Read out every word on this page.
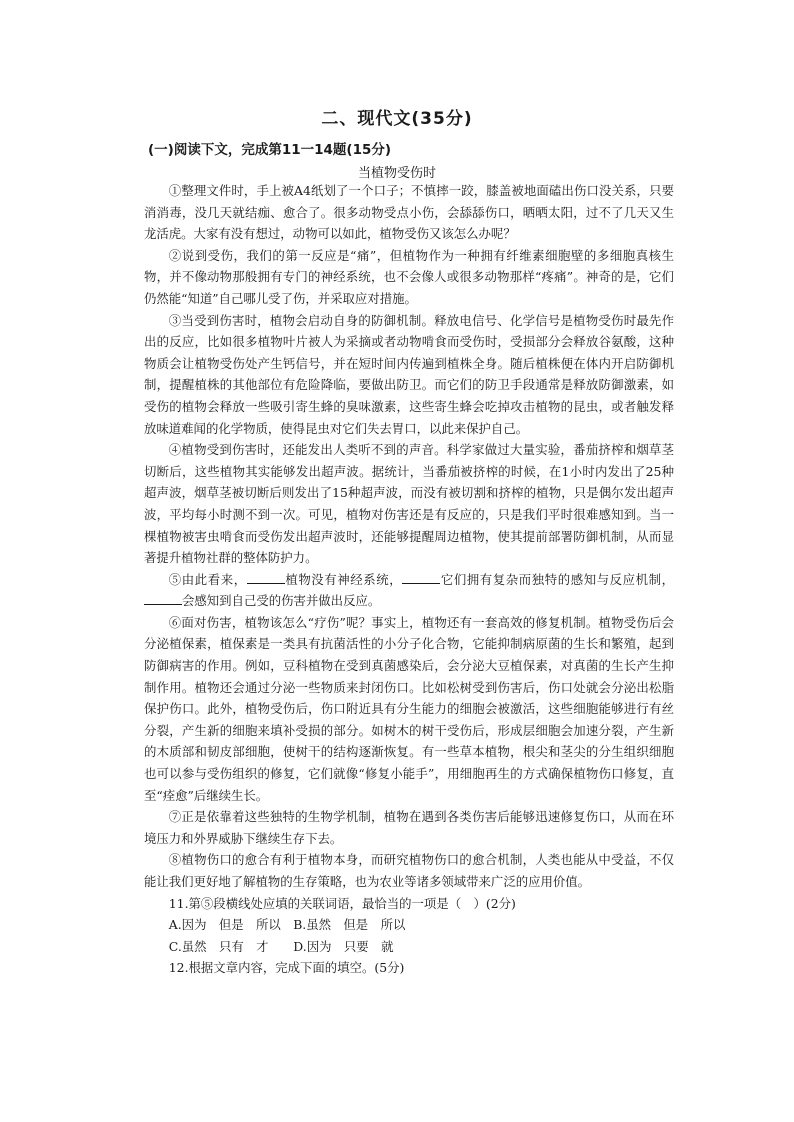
二、现代文(35分)
(一)阅读下文，完成第11一14题(15分)
当植物受伤时

①整理文件时，手上被A4纸划了一个口子；不慎摔一跤，膝盖被地面磕出伤口没关系，只要消消毒，没几天就结痂、愈合了。很多动物受点小伤，会舔舔伤口，晒晒太阳，过不了几天又生龙活虎。大家有没有想过，动物可以如此，植物受伤又该怎么办呢？

②说到受伤，我们的第一反应是“痛”，但植物作为一种拥有纤维素细胞壁的多细胞真核生物，并不像动物那般拥有专门的神经系统，也不会像人或很多动物那样“疼痛”。神奇的是，它们仍然能“知道”自己哪儿受了伤，并采取应对措施。

③当受到伤害时，植物会启动自身的防御机制。释放电信号、化学信号是植物受伤时最先作出的反应，比如很多植物叶片被人为采摘或者动物啃食而受伤时，受损部分会释放谷氨酸，这种物质会让植物受伤处产生钙信号，并在短时间内传遍到植株全身。随后植株便在体内开启防御机制，提醒植株的其他部位有危险降临，要做出防卫。而它们的防卫手段通常是释放防御激素，如受伤的植物会释放一些吸引寄生蜂的臭味激素，这些寄生蜂会吃掉攻击植物的昆虫，或者触发释放味道难闻的化学物质，使得昆虫对它们失去胃口，以此来保护自己。

④植物受到伤害时，还能发出人类听不到的声音。科学家做过大量实验，番茄挤榨和烟草茎切断后，这些植物其实能够发出超声波。据统计，当番茄被挤榨的时候，在1小时内发出了25种超声波，烟草茎被切断后则发出了15种超声波，而没有被切割和挤榨的植物，只是偶尔发出超声波，平均每小时测不到一次。可见，植物对伤害还是有反应的，只是我们平时很难感知到。当一棵植物被害虫啃食而受伤发出超声波时，还能够提醒周边植物，使其提前部署防御机制，从而显著提升植物社群的整体防护力。

⑤由此看来，	植物没有神经系统，	它们拥有复杂而独特的感知与反应机制，会感知到自己受的伤害并做出反应。

⑥面对伤害，植物该怎么“疗伤”呢？事实上，植物还有一套高效的修复机制。植物受伤后会分泌植保素，植保素是一类具有抗菌活性的小分子化合物，它能抑制病原菌的生长和繁殖，起到防御病害的作用。例如，豆科植物在受到真菌感染后，会分泌大豆植保素，对真菌的生长产生抑制作用。植物还会通过分泌一些物质来封闭伤口。比如松树受到伤害后，伤口处就会分泌出松脂保护伤口。此外，植物受伤后，伤口附近具有分生能力的细胞会被激活，这些细胞能够进行有丝分裂，产生新的细胞来填补受损的部分。如树木的树干受伤后，形成层细胞会加速分裂，产生新的木质部和韧皮部细胞，使树干的结构逐渐恢复。有一些草本植物，根尖和茎尖的分生组织细胞也可以参与受伤组织的修复，它们就像“修复小能手”，用细胞再生的方式确保植物伤口修复，直至“痊愈”后继续生长。

⑦正是依靠着这些独特的生物学机制，植物在遇到各类伤害后能够迅速修复伤口，从而在环境压力和外界威胁下继续生存下去。

⑧植物伤口的愈合有利于植物本身，而研究植物伤口的愈合机制，人类也能从中受益，不仅能让我们更好地了解植物的生存策略，也为农业等诸多领域带来广泛的应用价值。

11.第⑤段横线处应填的关联词语，最恰当的一项是（　）(2分)
A.因为　但是　所以　B.虽然　但是　所以
C.虽然　只有　才　　D.因为　只要　就
12.根据文章内容，完成下面的填空。(5分)
